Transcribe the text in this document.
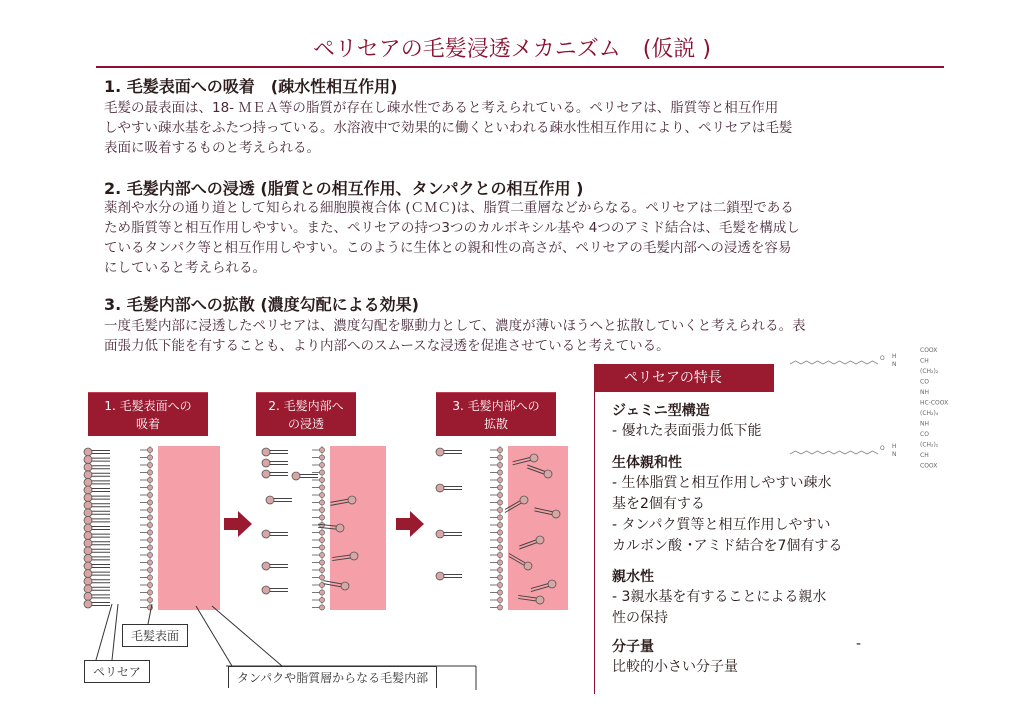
ペリセアの毛髪浸透メカニズム　(仮説 )
1. 毛髪表面への吸着　(疎水性相互作用)
毛髪の最表面は、18- ＭＥＡ等の脂質が存在し疎水性であると考えられている。ペリセアは、脂質等と相互作用
しやすい疎水基をふたつ持っている。水溶液中で効果的に働くといわれる疎水性相互作用により、ペリセアは毛髪
表面に吸着するものと考えられる。
2. 毛髪内部への浸透 (脂質との相互作用、タンパクとの相互作用 )
薬剤や水分の通り道として知られる細胞膜複合体 (ＣＭＣ)は、脂質二重層などからなる。ペリセアは二鎖型である
ため脂質等と相互作用しやすい。また、ペリセアの持つ3つのカルボキシル基や 4つのアミド結合は、毛髪を構成し
ているタンパク等と相互作用しやすい。このように生体との親和性の高さが、ペリセアの毛髪内部への浸透を容易
にしていると考えられる。
3. 毛髪内部への拡散 (濃度勾配による効果)
一度毛髪内部に浸透したペリセアは、濃度勾配を駆動力として、濃度が薄いほうへと拡散していくと考えられる。表
面張力低下能を有することも、より内部へのスムースな浸透を促進させていると考えている。
1. 毛髪表面への
吸着
2. 毛髪内部へ
の浸透
3. 毛髪内部への
拡散
毛髪表面
ペリセア	タンパクや脂質層からなる毛髪内部
ペリセアの特長
ジェミニ型構造
- 優れた表面張力低下能
生体親和性
- 生体脂質と相互作用しやすい疎水
基を2個有する
- タンパク質等と相互作用しやすい
カルボン酸 ･アミド結合を7個有する
親水性
- 3親水基を有することによる親水
性の保持
分子量	-
比較的小さい分子量
O H
N
O H
N
COOX
CH
(CH₂)₂
CO
NH
HC-COOX
(CH₂)₄
NH
CO
(CH₂)₂
CH
COOX
